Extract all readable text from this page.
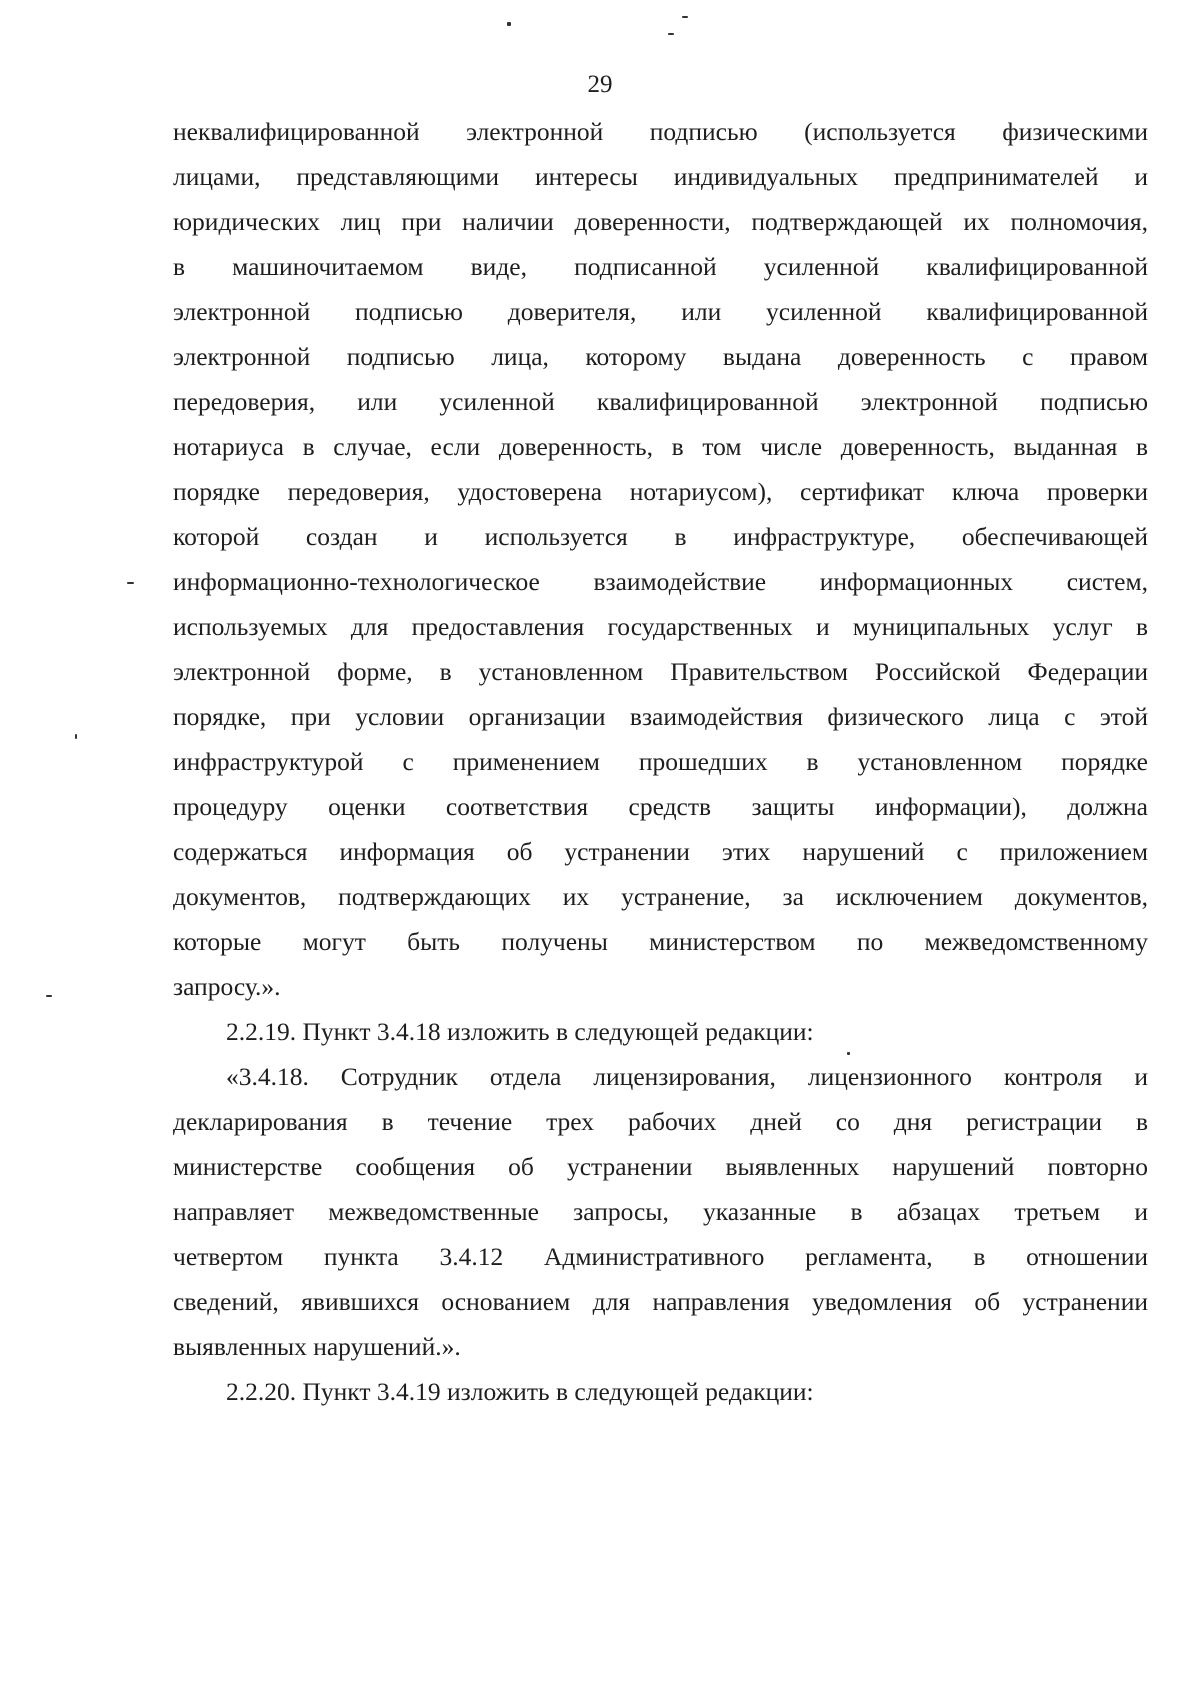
29
неквалифицированной электронной подписью (используется физическими
лицами, представляющими интересы индивидуальных предпринимателей и
юридических лиц при наличии доверенности, подтверждающей их полномочия,
в машиночитаемом виде, подписанной усиленной квалифицированной
электронной подписью доверителя, или усиленной квалифицированной
электронной подписью лица, которому выдана доверенность с правом
передоверия, или усиленной квалифицированной электронной подписью
нотариуса в случае, если доверенность, в том числе доверенность, выданная в
порядке передоверия, удостоверена нотариусом), сертификат ключа проверки
которой создан и используется в инфраструктуре, обеспечивающей
информационно-технологическое взаимодействие информационных систем,
используемых для предоставления государственных и муниципальных услуг в
электронной форме, в установленном Правительством Российской Федерации
порядке, при условии организации взаимодействия физического лица с этой
инфраструктурой с применением прошедших в установленном порядке
процедуру оценки соответствия средств защиты информации), должна
содержаться информация об устранении этих нарушений с приложением
документов, подтверждающих их устранение, за исключением документов,
которые могут быть получены министерством по межведомственному
запросу.».
2.2.19. Пункт 3.4.18 изложить в следующей редакции:
«3.4.18. Сотрудник отдела лицензирования, лицензионного контроля и
декларирования в течение трех рабочих дней со дня регистрации в
министерстве сообщения об устранении выявленных нарушений повторно
направляет межведомственные запросы, указанные в абзацах третьем и
четвертом пункта 3.4.12 Административного регламента, в отношении
сведений, явившихся основанием для направления уведомления об устранении
выявленных нарушений.».
2.2.20. Пункт 3.4.19 изложить в следующей редакции:
